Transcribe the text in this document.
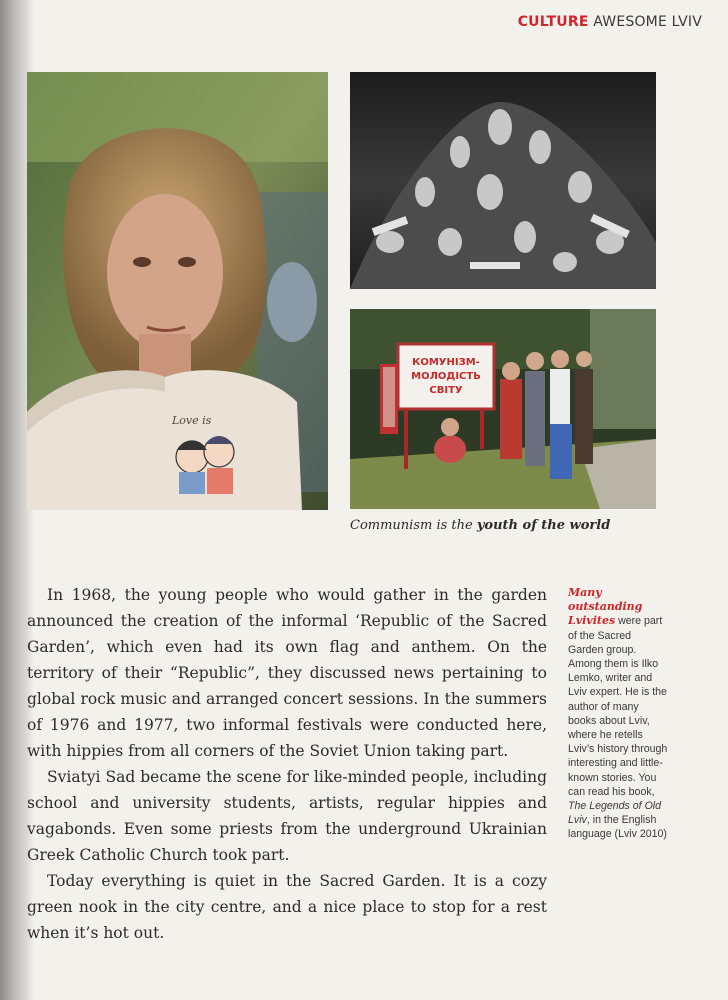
CULTURE AWESOME LVIV
Love is
КОМУНІЗМ-
МОЛОДІСТЬ
СВІТУ
Communism is the youth of the world

In 1968, the young people who would gather in the garden announced the creation of the informal ‘Republic of the Sacred Garden’, which even had its own flag and anthem. On the territory of their “Republic”, they discussed news pertaining to global rock music and arranged concert sessions. In the summers of 1976 and 1977, two informal festivals were conducted here, with hippies from all corners of the Soviet Union taking part.

Sviatyi Sad became the scene for like-minded people, including school and university students, artists, regular hippies and vagabonds. Even some priests from the underground Ukrainian Greek Catholic Church took part.

Today everything is quiet in the Sacred Garden. It is a cozy green nook in the city centre, and a nice place to stop for a rest when it’s hot out.

Many outstanding Lvivites were part of the Sacred Garden group. Among them is Ilko Lemko, writer and Lviv expert. He is the author of many books about Lviv, where he retells Lviv’s history through interesting and little-known stories. You can read his book, The Legends of Old Lviv, in the English language (Lviv 2010)
